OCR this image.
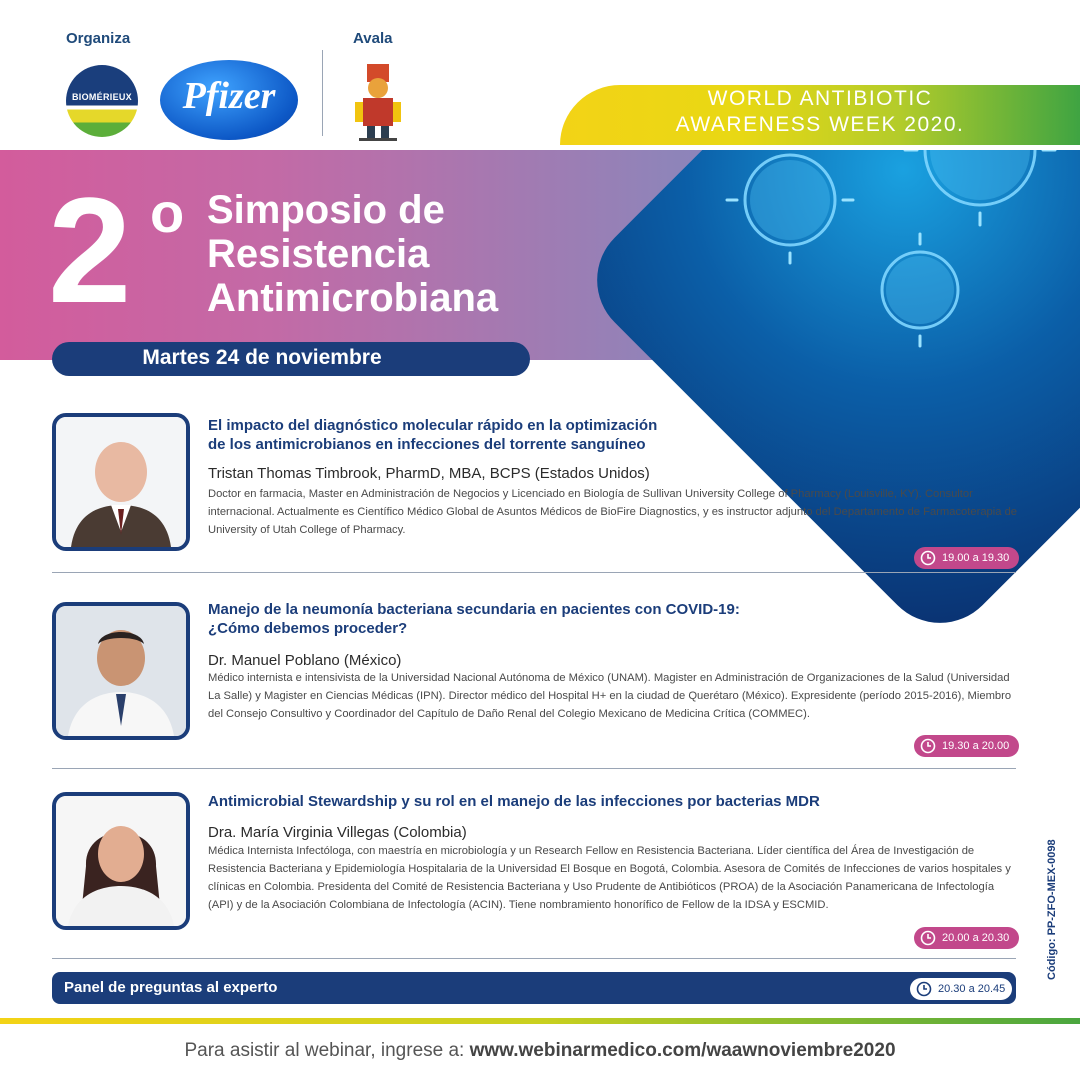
Organiza	Avala
BIOMÉRIEUX	Pfizer	WORLD ANTIBIOTIC
AWARENESS WEEK 2020.
2 o Simposio de
Resistencia
Antimicrobiana
Martes 24 de noviembre
El impacto del diagnóstico molecular rápido en la optimización
de los antimicrobianos en infecciones del torrente sanguíneo
Tristan Thomas Timbrook, PharmD, MBA, BCPS (Estados Unidos)
Doctor en farmacia, Master en Administración de Negocios y Licenciado en Biología de Sullivan University College of Pharmacy (Louisville, KY). Consultor internacional. Actualmente es Científico Médico Global de Asuntos Médicos de BioFire Diagnostics, y es instructor adjunto del Departamento de Farmacoterapia de University of Utah College of Pharmacy.
19.00 a 19.30
Manejo de la neumonía bacteriana secundaria en pacientes con COVID-19:
¿Cómo debemos proceder?
Dr. Manuel Poblano (México)
Médico internista e intensivista de la Universidad Nacional Autónoma de México (UNAM). Magister en Administración de Organizaciones de la Salud (Universidad La Salle) y Magister en Ciencias Médicas (IPN). Director médico del Hospital H+ en la ciudad de Querétaro (México). Expresidente (período 2015-2016), Miembro del Consejo Consultivo y Coordinador del Capítulo de Daño Renal del Colegio Mexicano de Medicina Crítica (COMMEC).
19.30 a 20.00
Antimicrobial Stewardship y su rol en el manejo de las infecciones por bacterias MDR
Dra. María Virginia Villegas (Colombia)
Médica Internista Infectóloga, con maestría en microbiología y un Research Fellow en Resistencia Bacteriana. Líder científica del Área de Investigación de Resistencia Bacteriana y Epidemiología Hospitalaria de la Universidad El Bosque en Bogotá, Colombia. Asesora de Comités de Infecciones de varios hospitales y clínicas en Colombia. Presidenta del Comité de Resistencia Bacteriana y Uso Prudente de Antibióticos (PROA) de la Asociación Panamericana de Infectología (API) y de la Asociación Colombiana de Infectología (ACIN). Tiene nombramiento honorífico de Fellow de la IDSA y ESCMID.
20.00 a 20.30
Panel de preguntas al experto	20.30 a 20.45
Código: PP-ZFO-MEX-0098
Para asistir al webinar, ingrese a: www.webinarmedico.com/waawnoviembre2020
